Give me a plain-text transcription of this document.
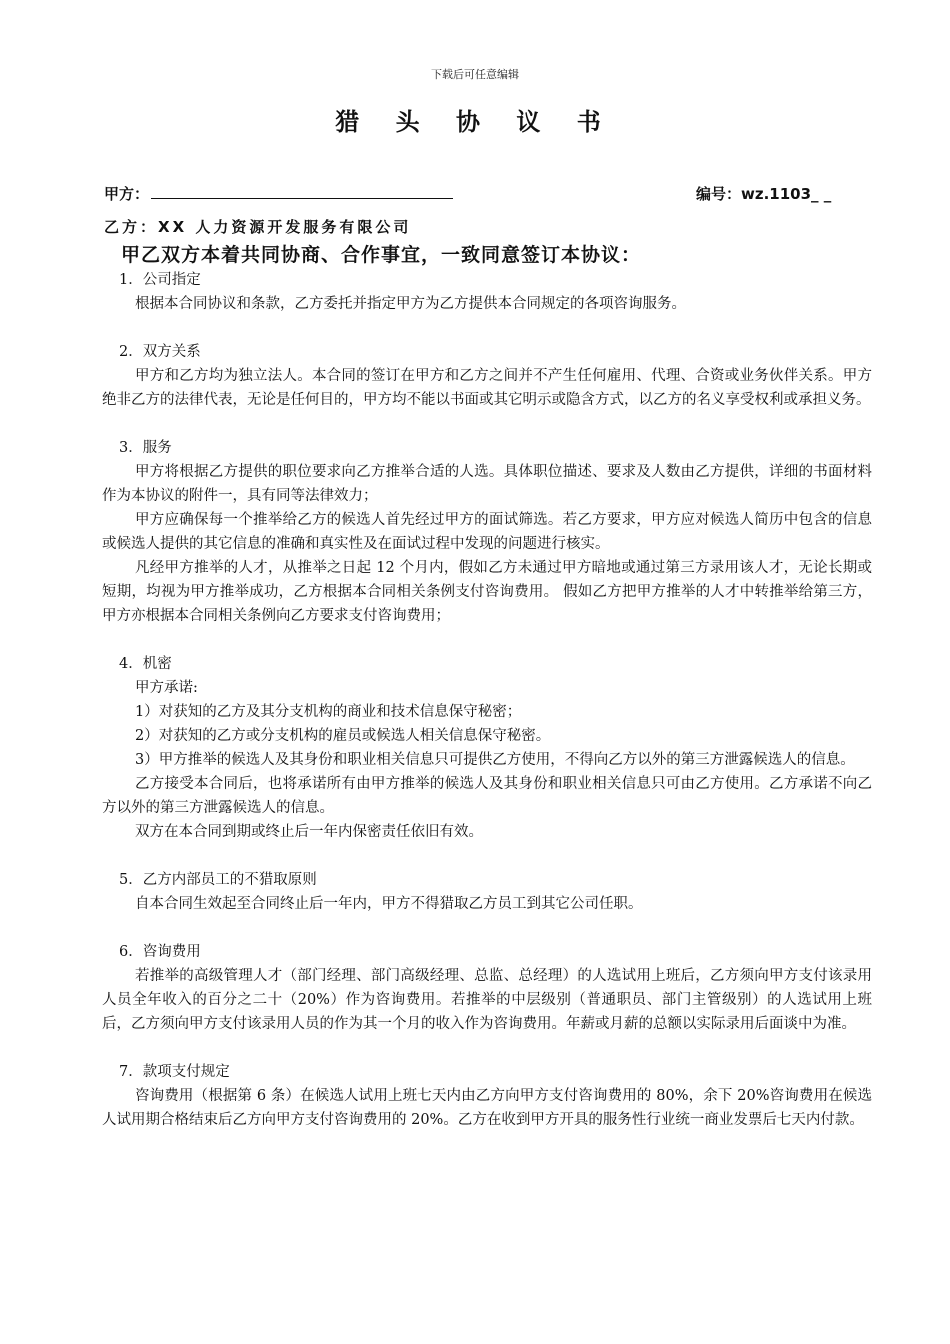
下载后可任意编辑
猎 头 协 议 书
甲方：	编号：wz.1103_ _
乙方：XX 人力资源开发服务有限公司
甲乙双方本着共同协商、合作事宜，一致同意签订本协议：
1．公司指定
根据本合同协议和条款，乙方委托并指定甲方为乙方提供本合同规定的各项咨询服务。
2．双方关系
甲方和乙方均为独立法人。本合同的签订在甲方和乙方之间并不产生任何雇用、代理、合资或业务伙伴关系。甲方绝非乙方的法律代表，无论是任何目的，甲方均不能以书面或其它明示或隐含方式，以乙方的名义享受权利或承担义务。
3．服务
甲方将根据乙方提供的职位要求向乙方推举合适的人选。具体职位描述、要求及人数由乙方提供，详细的书面材料作为本协议的附件一，具有同等法律效力；
甲方应确保每一个推举给乙方的候选人首先经过甲方的面试筛选。若乙方要求，甲方应对候选人简历中包含的信息或候选人提供的其它信息的准确和真实性及在面试过程中发现的问题进行核实。
凡经甲方推举的人才，从推举之日起 12 个月内，假如乙方未通过甲方暗地或通过第三方录用该人才，无论长期或短期，均视为甲方推举成功，乙方根据本合同相关条例支付咨询费用。 假如乙方把甲方推举的人才中转推举给第三方， 甲方亦根据本合同相关条例向乙方要求支付咨询费用；
4．机密
甲方承诺:
1）对获知的乙方及其分支机构的商业和技术信息保守秘密；
2）对获知的乙方或分支机构的雇员或候选人相关信息保守秘密。
3）甲方推举的候选人及其身份和职业相关信息只可提供乙方使用，不得向乙方以外的第三方泄露候选人的信息。
乙方接受本合同后，也将承诺所有由甲方推举的候选人及其身份和职业相关信息只可由乙方使用。乙方承诺不向乙方以外的第三方泄露候选人的信息。
双方在本合同到期或终止后一年内保密责任依旧有效。
5．乙方内部员工的不猎取原则
自本合同生效起至合同终止后一年内，甲方不得猎取乙方员工到其它公司任职。
6．咨询费用
若推举的高级管理人才（部门经理、部门高级经理、总监、总经理）的人选试用上班后，乙方须向甲方支付该录用人员全年收入的百分之二十（20%）作为咨询费用。若推举的中层级别（普通职员、部门主管级别）的人选试用上班后，乙方须向甲方支付该录用人员的作为其一个月的收入作为咨询费用。年薪或月薪的总额以实际录用后面谈中为准。
7．款项支付规定
咨询费用（根据第 6 条）在候选人试用上班七天内由乙方向甲方支付咨询费用的 80%，余下 20%咨询费用在候选人试用期合格结束后乙方向甲方支付咨询费用的 20%。乙方在收到甲方开具的服务性行业统一商业发票后七天内付款。
